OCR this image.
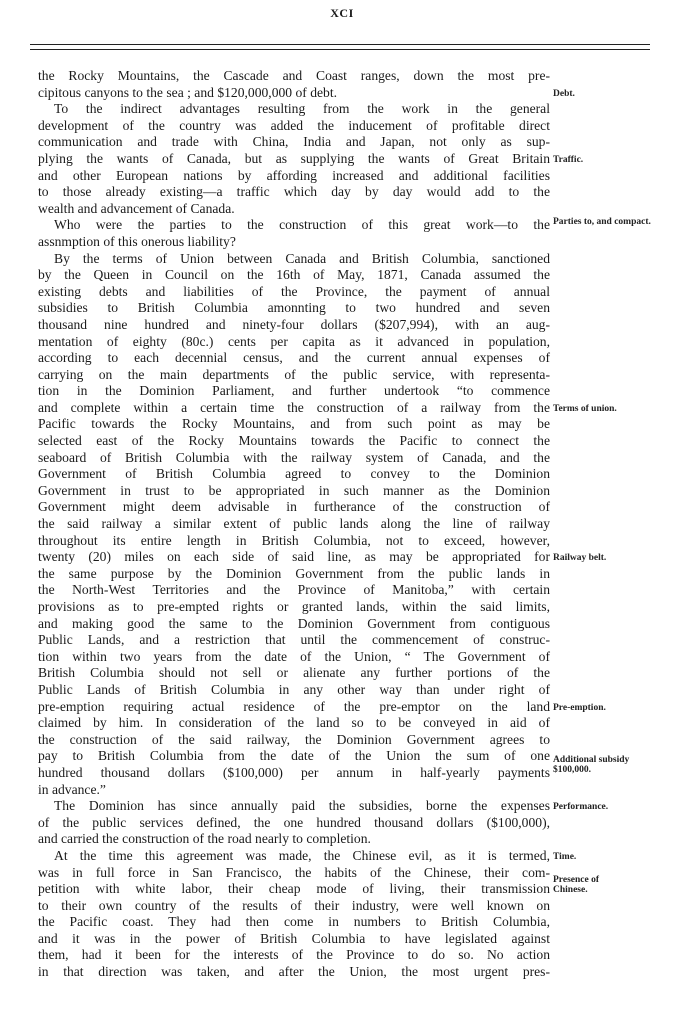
XCI
the Rocky Mountains, the Cascade and Coast ranges, down the most pre-
cipitous canyons to the sea ; and $120,000,000 of debt.
To the indirect advantages resulting from the work in the general
development of the country was added the inducement of profitable direct
communication and trade with China, India and Japan, not only as sup-
plying the wants of Canada, but as supplying the wants of Great Britain
and other European nations by affording increased and additional facilities
to those already existing—a traffic which day by day would add to the
wealth and advancement of Canada.
Who were the parties to the construction of this great work—to the
assnmption of this onerous liability?
By the terms of Union between Canada and British Columbia, sanctioned
by the Queen in Council on the 16th of May, 1871, Canada assumed the
existing debts and liabilities of the Province, the payment of annual
subsidies to British Columbia amonnting to two hundred and seven
thousand nine hundred and ninety-four dollars ($207,994), with an aug-
mentation of eighty (80c.) cents per capita as it advanced in population,
according to each decennial census, and the current annual expenses of
carrying on the main departments of the public service, with representa-
tion in the Dominion Parliament, and further undertook “to commence
and complete within a certain time the construction of a railway from the
Pacific towards the Rocky Mountains, and from such point as may be
selected east of the Rocky Mountains towards the Pacific to connect the
seaboard of British Columbia with the railway system of Canada, and the
Government of British Columbia agreed to convey to the Dominion
Government in trust to be appropriated in such manner as the Dominion
Government might deem advisable in furtherance of the construction of
the said railway a similar extent of public lands along the line of railway
throughout its entire length in British Columbia, not to exceed, however,
twenty (20) miles on each side of said line, as may be appropriated for
the same purpose by the Dominion Government from the public lands in
the North-West Territories and the Province of Manitoba,” with certain
provisions as to pre-empted rights or granted lands, within the said limits,
and making good the same to the Dominion Government from contiguous
Public Lands, and a restriction that until the commencement of construc-
tion within two years from the date of the Union, “ The Government of
British Columbia should not sell or alienate any further portions of the
Public Lands of British Columbia in any other way than under right of
pre-emption requiring actual residence of the pre-emptor on the land
claimed by him. In consideration of the land so to be conveyed in aid of
the construction of the said railway, the Dominion Government agrees to
pay to British Columbia from the date of the Union the sum of one
hundred thousand dollars ($100,000) per annum in half-yearly payments
in advance.”
The Dominion has since annually paid the subsidies, borne the expenses
of the public services defined, the one hundred thousand dollars ($100,000),
and carried the construction of the road nearly to completion.
At the time this agreement was made, the Chinese evil, as it is termed,
was in full force in San Francisco, the habits of the Chinese, their com-
petition with white labor, their cheap mode of living, their transmission
to their own country of the results of their industry, were well known on
the Pacific coast. They had then come in numbers to British Columbia,
and it was in the power of British Columbia to have legislated against
them, had it been for the interests of the Province to do so. No action
in that direction was taken, and after the Union, the most urgent pres-
Debt.
Traffic.
Parties to, and compact.
Terms of union.
Railway belt.
Pre-emption.
Additional subsidy $100,000.
Performance.
Time.
Presence of Chinese.
